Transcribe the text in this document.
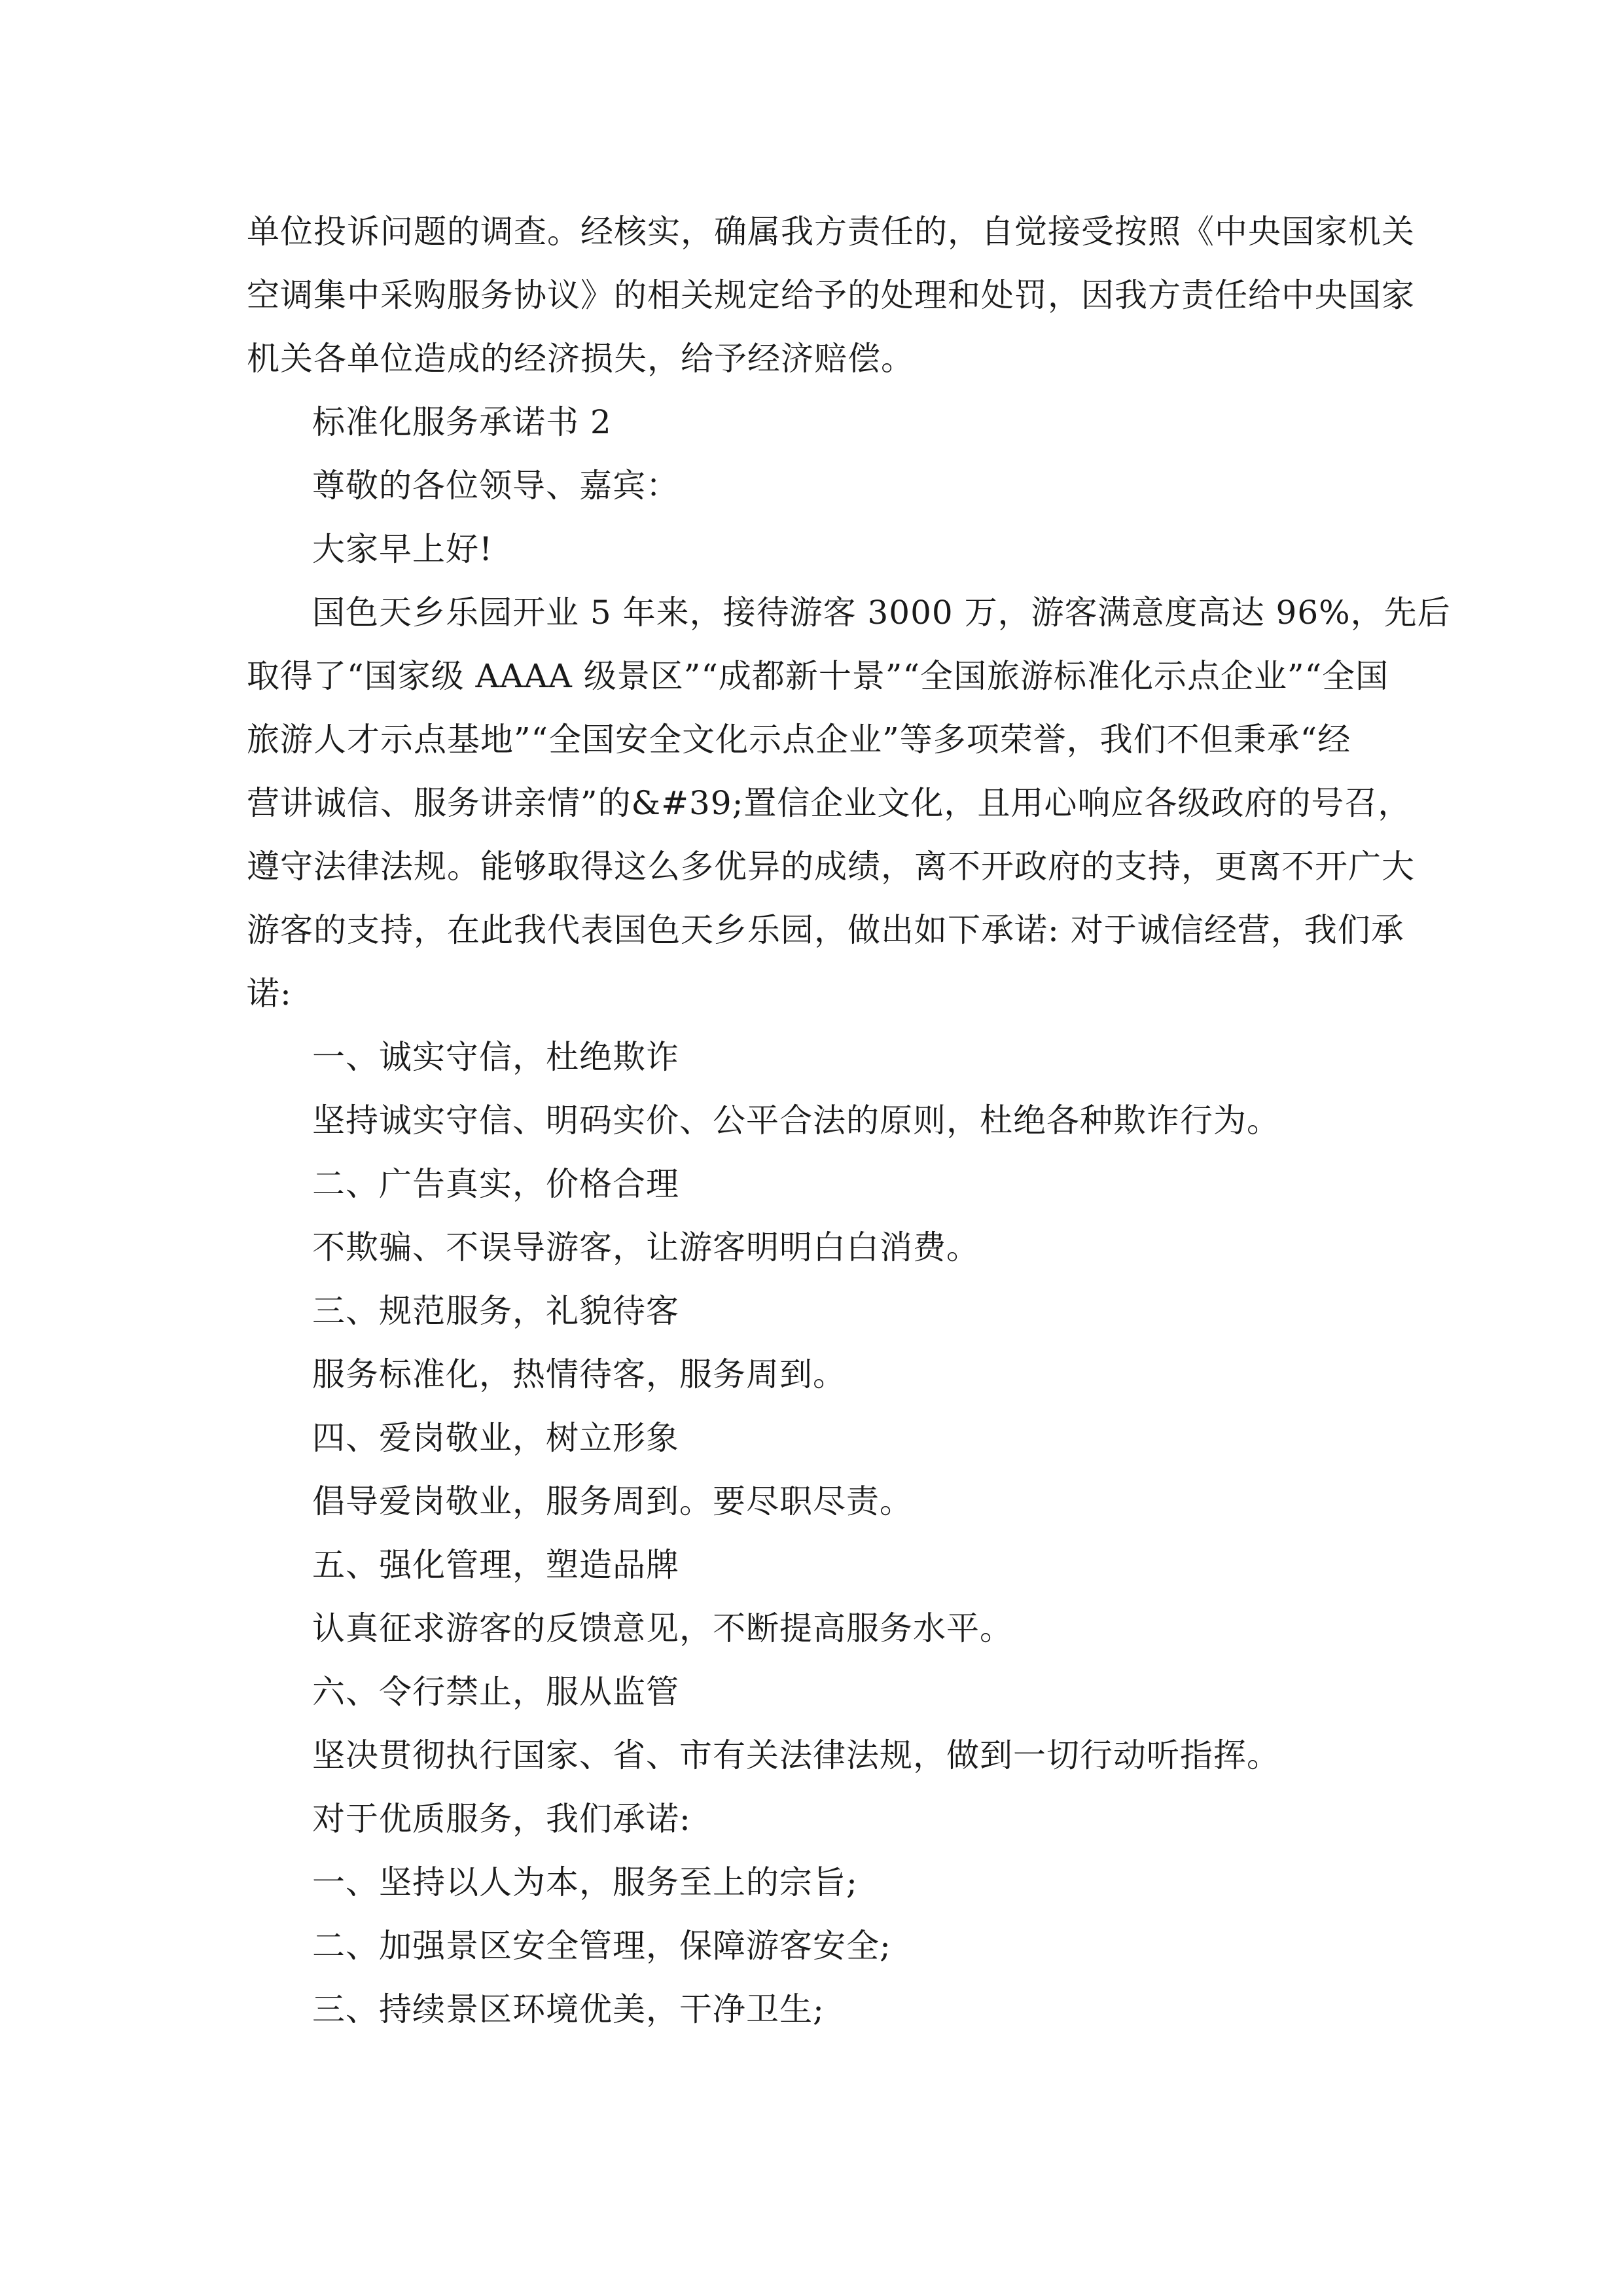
单位投诉问题的调查。经核实，确属我方责任的，自觉接受按照《中央国家机关
空调集中采购服务协议》的相关规定给予的处理和处罚，因我方责任给中央国家
机关各单位造成的经济损失，给予经济赔偿。
标准化服务承诺书 2
尊敬的各位领导、嘉宾：
大家早上好!
国色天乡乐园开业 5 年来，接待游客 3000 万，游客满意度高达 96%，先后
取得了“国家级 AAAA 级景区”“成都新十景”“全国旅游标准化示点企业”“全国
旅游人才示点基地”“全国安全文化示点企业”等多项荣誉，我们不但秉承“经
营讲诚信、服务讲亲情”的&#39;置信企业文化，且用心响应各级政府的号召，
遵守法律法规。能够取得这么多优异的成绩，离不开政府的支持，更离不开广大
游客的支持，在此我代表国色天乡乐园，做出如下承诺: 对于诚信经营，我们承
诺:
一、诚实守信，杜绝欺诈
坚持诚实守信、明码实价、公平合法的原则，杜绝各种欺诈行为。
二、广告真实，价格合理
不欺骗、不误导游客，让游客明明白白消费。
三、规范服务，礼貌待客
服务标准化，热情待客，服务周到。
四、爱岗敬业，树立形象
倡导爱岗敬业，服务周到。要尽职尽责。
五、强化管理，塑造品牌
认真征求游客的反馈意见，不断提高服务水平。
六、令行禁止，服从监管
坚决贯彻执行国家、省、市有关法律法规，做到一切行动听指挥。
对于优质服务，我们承诺:
一、坚持以人为本，服务至上的宗旨;
二、加强景区安全管理，保障游客安全;
三、持续景区环境优美，干净卫生;
